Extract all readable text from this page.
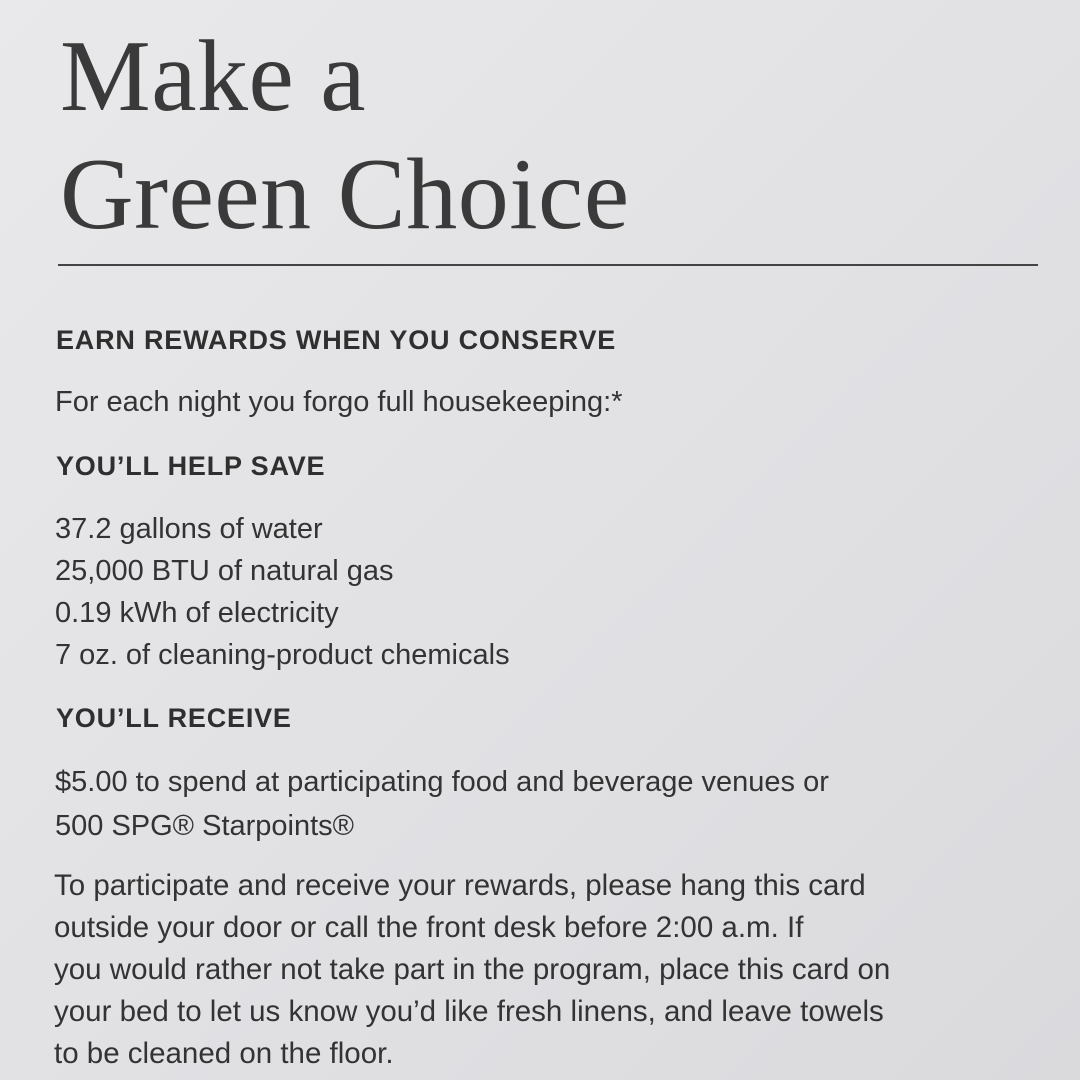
Make a
Green Choice
EARN REWARDS WHEN YOU CONSERVE

For each night you forgo full housekeeping:*

YOU’LL HELP SAVE
37.2 gallons of water
25,000 BTU of natural gas
0.19 kWh of electricity
7 oz. of cleaning-product chemicals
YOU’LL RECEIVE

$5.00 to spend at participating food and beverage venues or
500 SPG® Starpoints®

To participate and receive your rewards, please hang this card
outside your door or call the front desk before 2:00 a.m. If
you would rather not take part in the program, place this card on
your bed to let us know you’d like fresh linens, and leave towels
to be cleaned on the floor.
